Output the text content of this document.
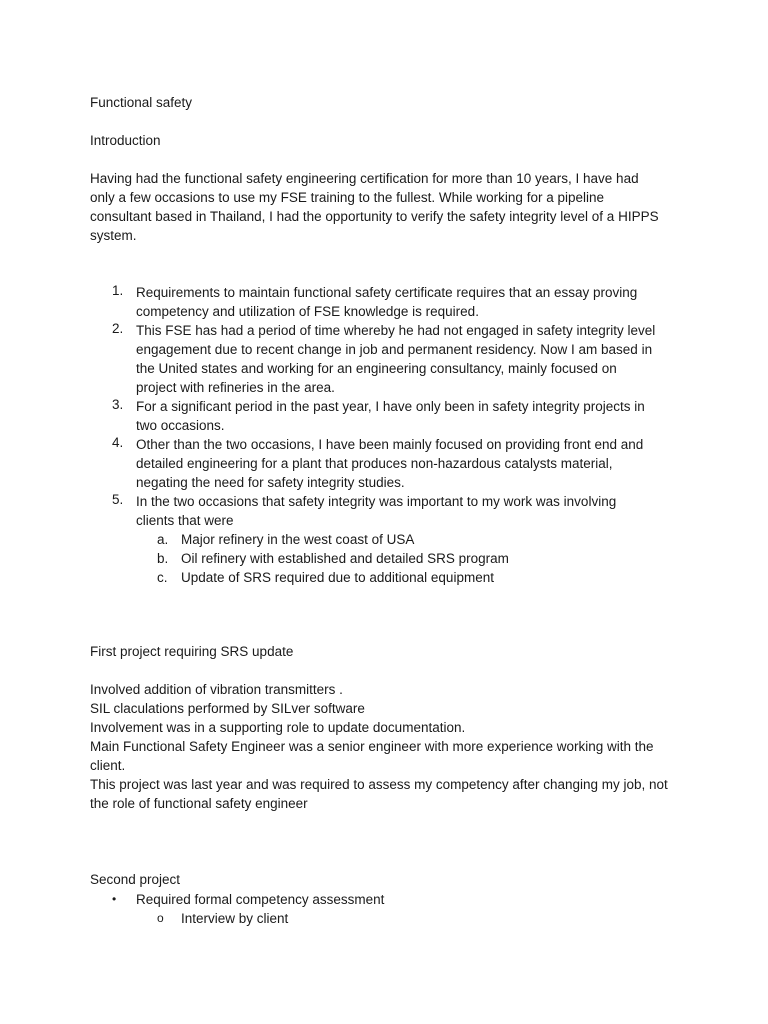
Functional safety

Introduction

Having had the functional safety engineering certification for more than 10 years, I have had
only a few occasions to use my FSE training to the fullest. While working for a pipeline
consultant based in Thailand, I had the opportunity to verify the safety integrity level of a HIPPS
system.
1. Requirements to maintain functional safety certificate requires that an essay proving
competency and utilization of FSE knowledge is required.
2. This FSE has had a period of time whereby he had not engaged in safety integrity level
engagement due to recent change in job and permanent residency. Now I am based in
the United states and working for an engineering consultancy, mainly focused on
project with refineries in the area.
3. For a significant period in the past year, I have only been in safety integrity projects in
two occasions.
4. Other than the two occasions, I have been mainly focused on providing front end and
detailed engineering for a plant that produces non-hazardous catalysts material,
negating the need for safety integrity studies.
5. In the two occasions that safety integrity was important to my work was involving
clients that were
a. Major refinery in the west coast of USA
b. Oil refinery with established and detailed SRS program
c. Update of SRS required due to additional equipment

First project requiring SRS update

Involved addition of vibration transmitters .
SIL claculations performed by SILver software
Involvement was in a supporting role to update documentation.
Main Functional Safety Engineer was a senior engineer with more experience working with the
client.
This project was last year and was required to assess my competency after changing my job, not
the role of functional safety engineer

Second project

• Required formal competency assessment
o Interview by client
